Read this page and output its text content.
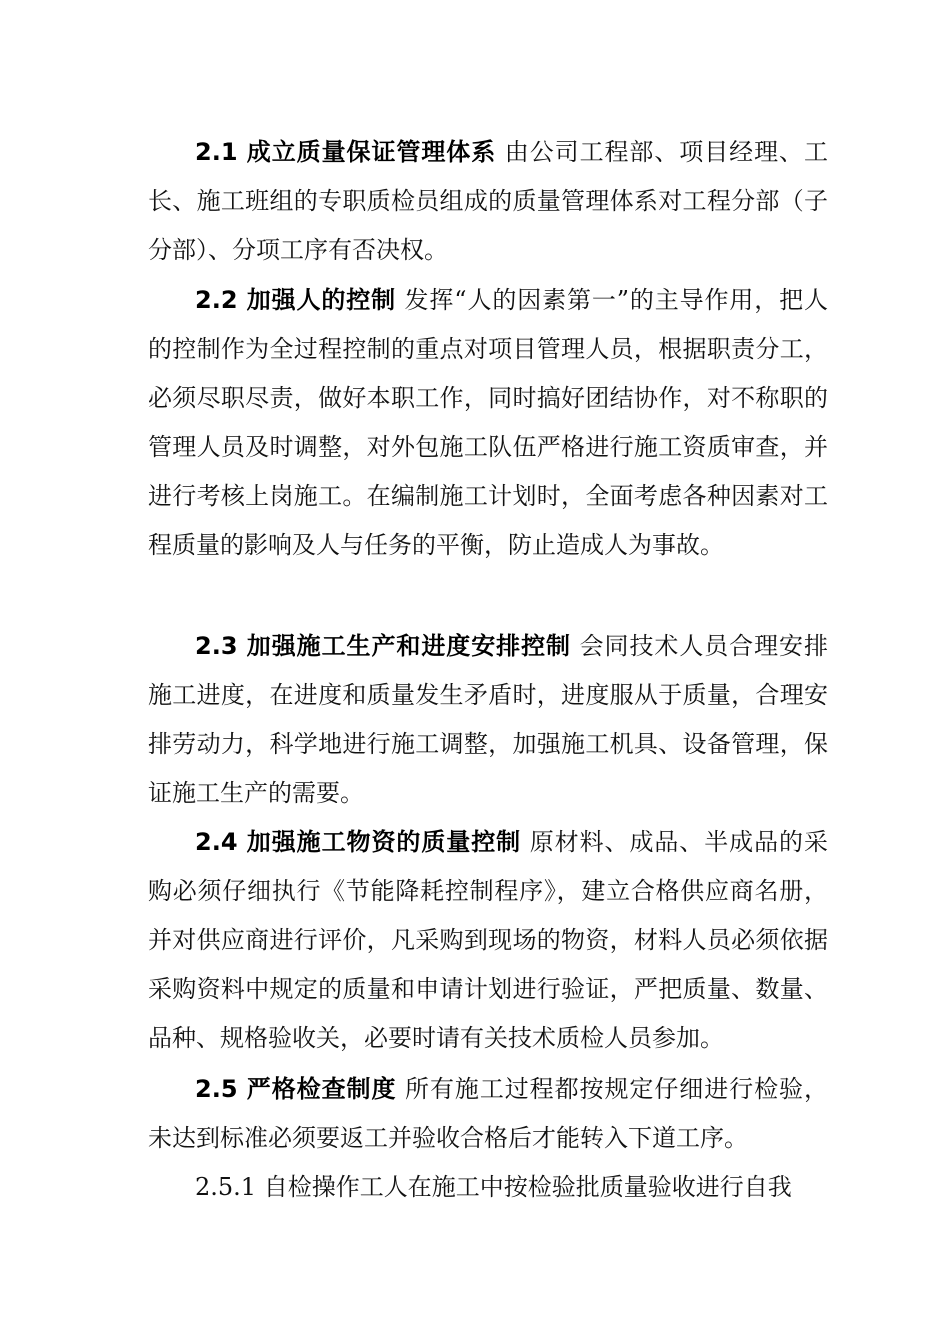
2.1 成立质量保证管理体系 由公司工程部、项目经理、工长、施工班组的专职质检员组成的质量管理体系对工程分部（子分部）、分项工序有否决权。

2.2 加强人的控制 发挥“人的因素第一”的主导作用，把人的控制作为全过程控制的重点对项目管理人员，根据职责分工，必须尽职尽责，做好本职工作，同时搞好团结协作，对不称职的管理人员及时调整，对外包施工队伍严格进行施工资质审查，并进行考核上岗施工。在编制施工计划时，全面考虑各种因素对工程质量的影响及人与任务的平衡，防止造成人为事故。

2.3 加强施工生产和进度安排控制 会同技术人员合理安排施工进度，在进度和质量发生矛盾时，进度服从于质量，合理安排劳动力，科学地进行施工调整，加强施工机具、设备管理，保证施工生产的需要。

2.4 加强施工物资的质量控制 原材料、成品、半成品的采购必须仔细执行《节能降耗控制程序》，建立合格供应商名册，并对供应商进行评价，凡采购到现场的物资，材料人员必须依据采购资料中规定的质量和申请计划进行验证，严把质量、数量、品种、规格验收关，必要时请有关技术质检人员参加。

2.5 严格检查制度 所有施工过程都按规定仔细进行检验，未达到标准必须要返工并验收合格后才能转入下道工序。

2.5.1 自检操作工人在施工中按检验批质量验收进行自我
